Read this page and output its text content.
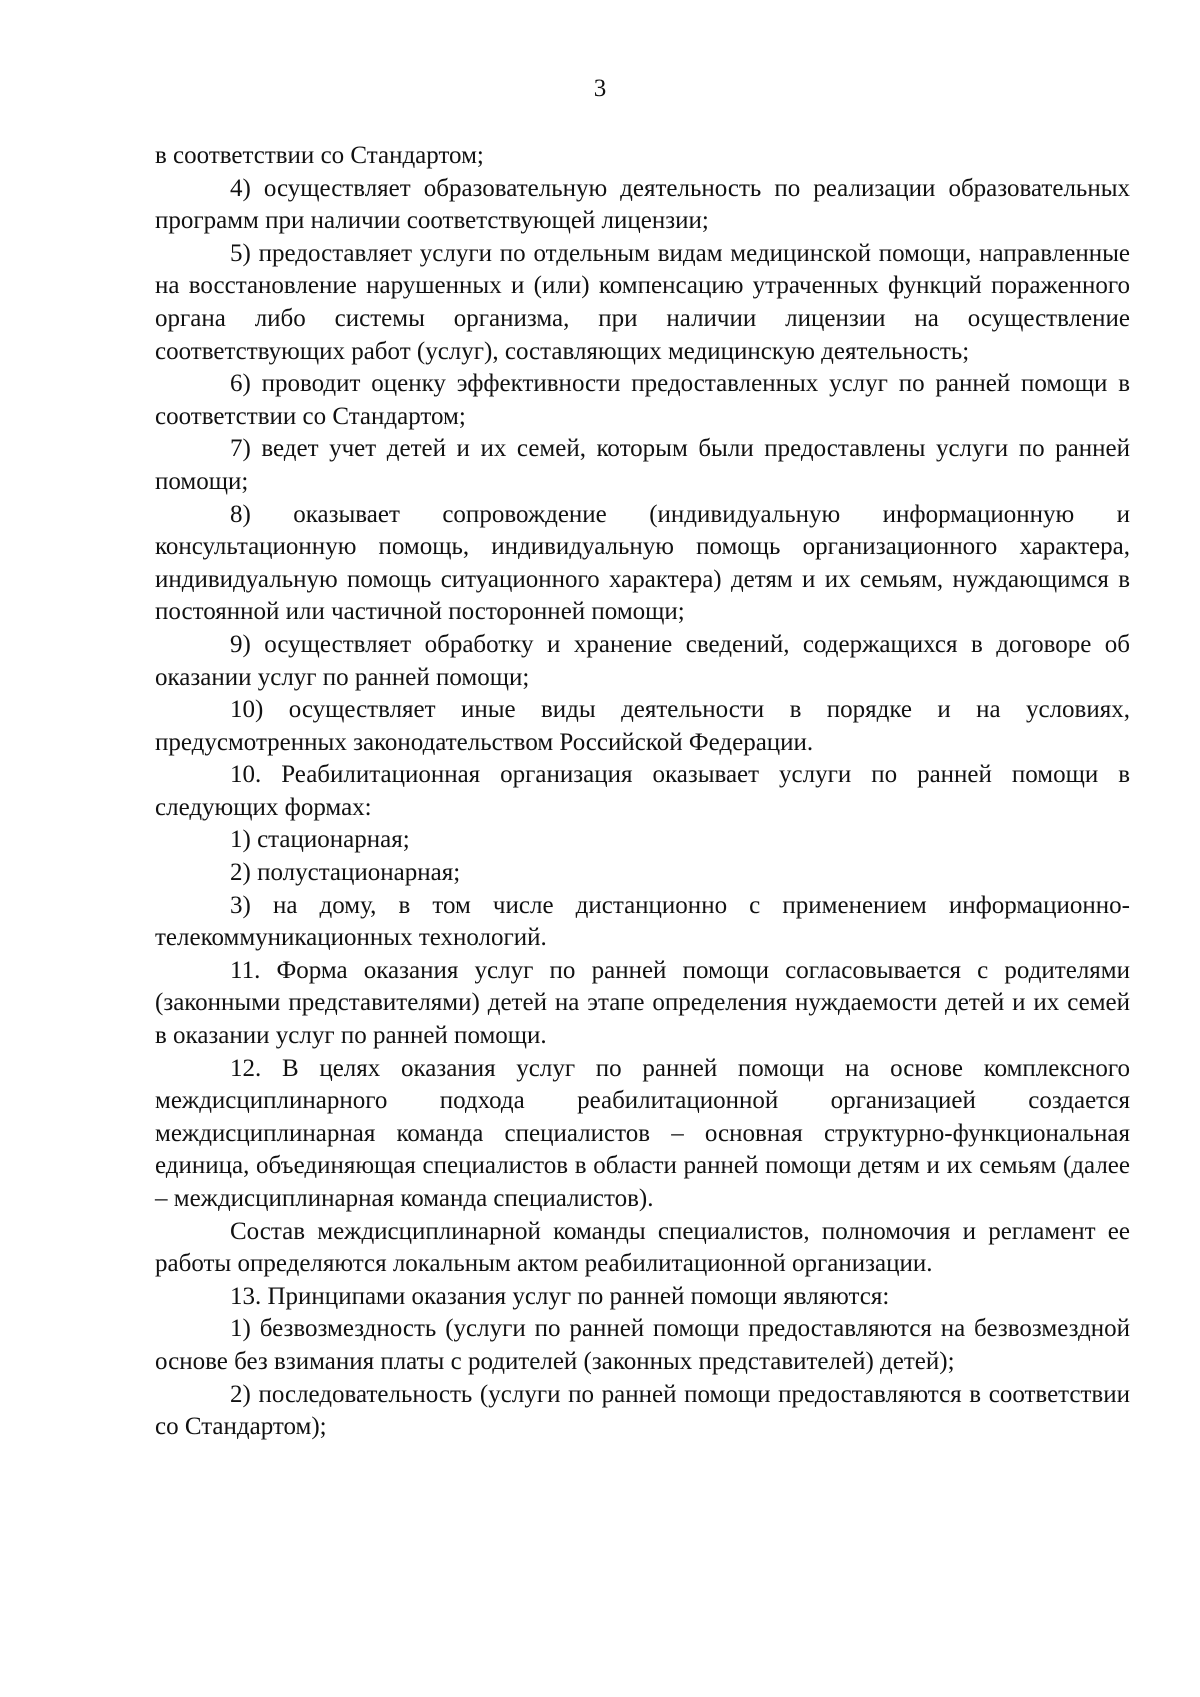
3

в соответствии со Стандартом;

4) осуществляет образовательную деятельность по реализации образовательных программ при наличии соответствующей лицензии;

5) предоставляет услуги по отдельным видам медицинской помощи, направленные на восстановление нарушенных и (или) компенсацию утраченных функций пораженного органа либо системы организма, при наличии лицензии на осуществление соответствующих работ (услуг), составляющих медицинскую деятельность;

6) проводит оценку эффективности предоставленных услуг по ранней помощи в соответствии со Стандартом;

7) ведет учет детей и их семей, которым были предоставлены услуги по ранней помощи;

8) оказывает сопровождение (индивидуальную информационную и консультационную помощь, индивидуальную помощь организационного характера, индивидуальную помощь ситуационного характера) детям и их семьям, нуждающимся в постоянной или частичной посторонней помощи;

9) осуществляет обработку и хранение сведений, содержащихся в договоре об оказании услуг по ранней помощи;

10) осуществляет иные виды деятельности в порядке и на условиях, предусмотренных законодательством Российской Федерации.

10. Реабилитационная организация оказывает услуги по ранней помощи в следующих формах:

1) стационарная;

2) полустационарная;

3) на дому, в том числе дистанционно с применением информационно-телекоммуникационных технологий.

11. Форма оказания услуг по ранней помощи согласовывается с родителями (законными представителями) детей на этапе определения нуждаемости детей и их семей в оказании услуг по ранней помощи.

12. В целях оказания услуг по ранней помощи на основе комплексного междисциплинарного подхода реабилитационной организацией создается междисциплинарная команда специалистов – основная структурно-функциональная единица, объединяющая специалистов в области ранней помощи детям и их семьям (далее – междисциплинарная команда специалистов).

Состав междисциплинарной команды специалистов, полномочия и регламент ее работы определяются локальным актом реабилитационной организации.

13. Принципами оказания услуг по ранней помощи являются:

1) безвозмездность (услуги по ранней помощи предоставляются на безвозмездной основе без взимания платы с родителей (законных представителей) детей);

2) последовательность (услуги по ранней помощи предоставляются в соответствии со Стандартом);
